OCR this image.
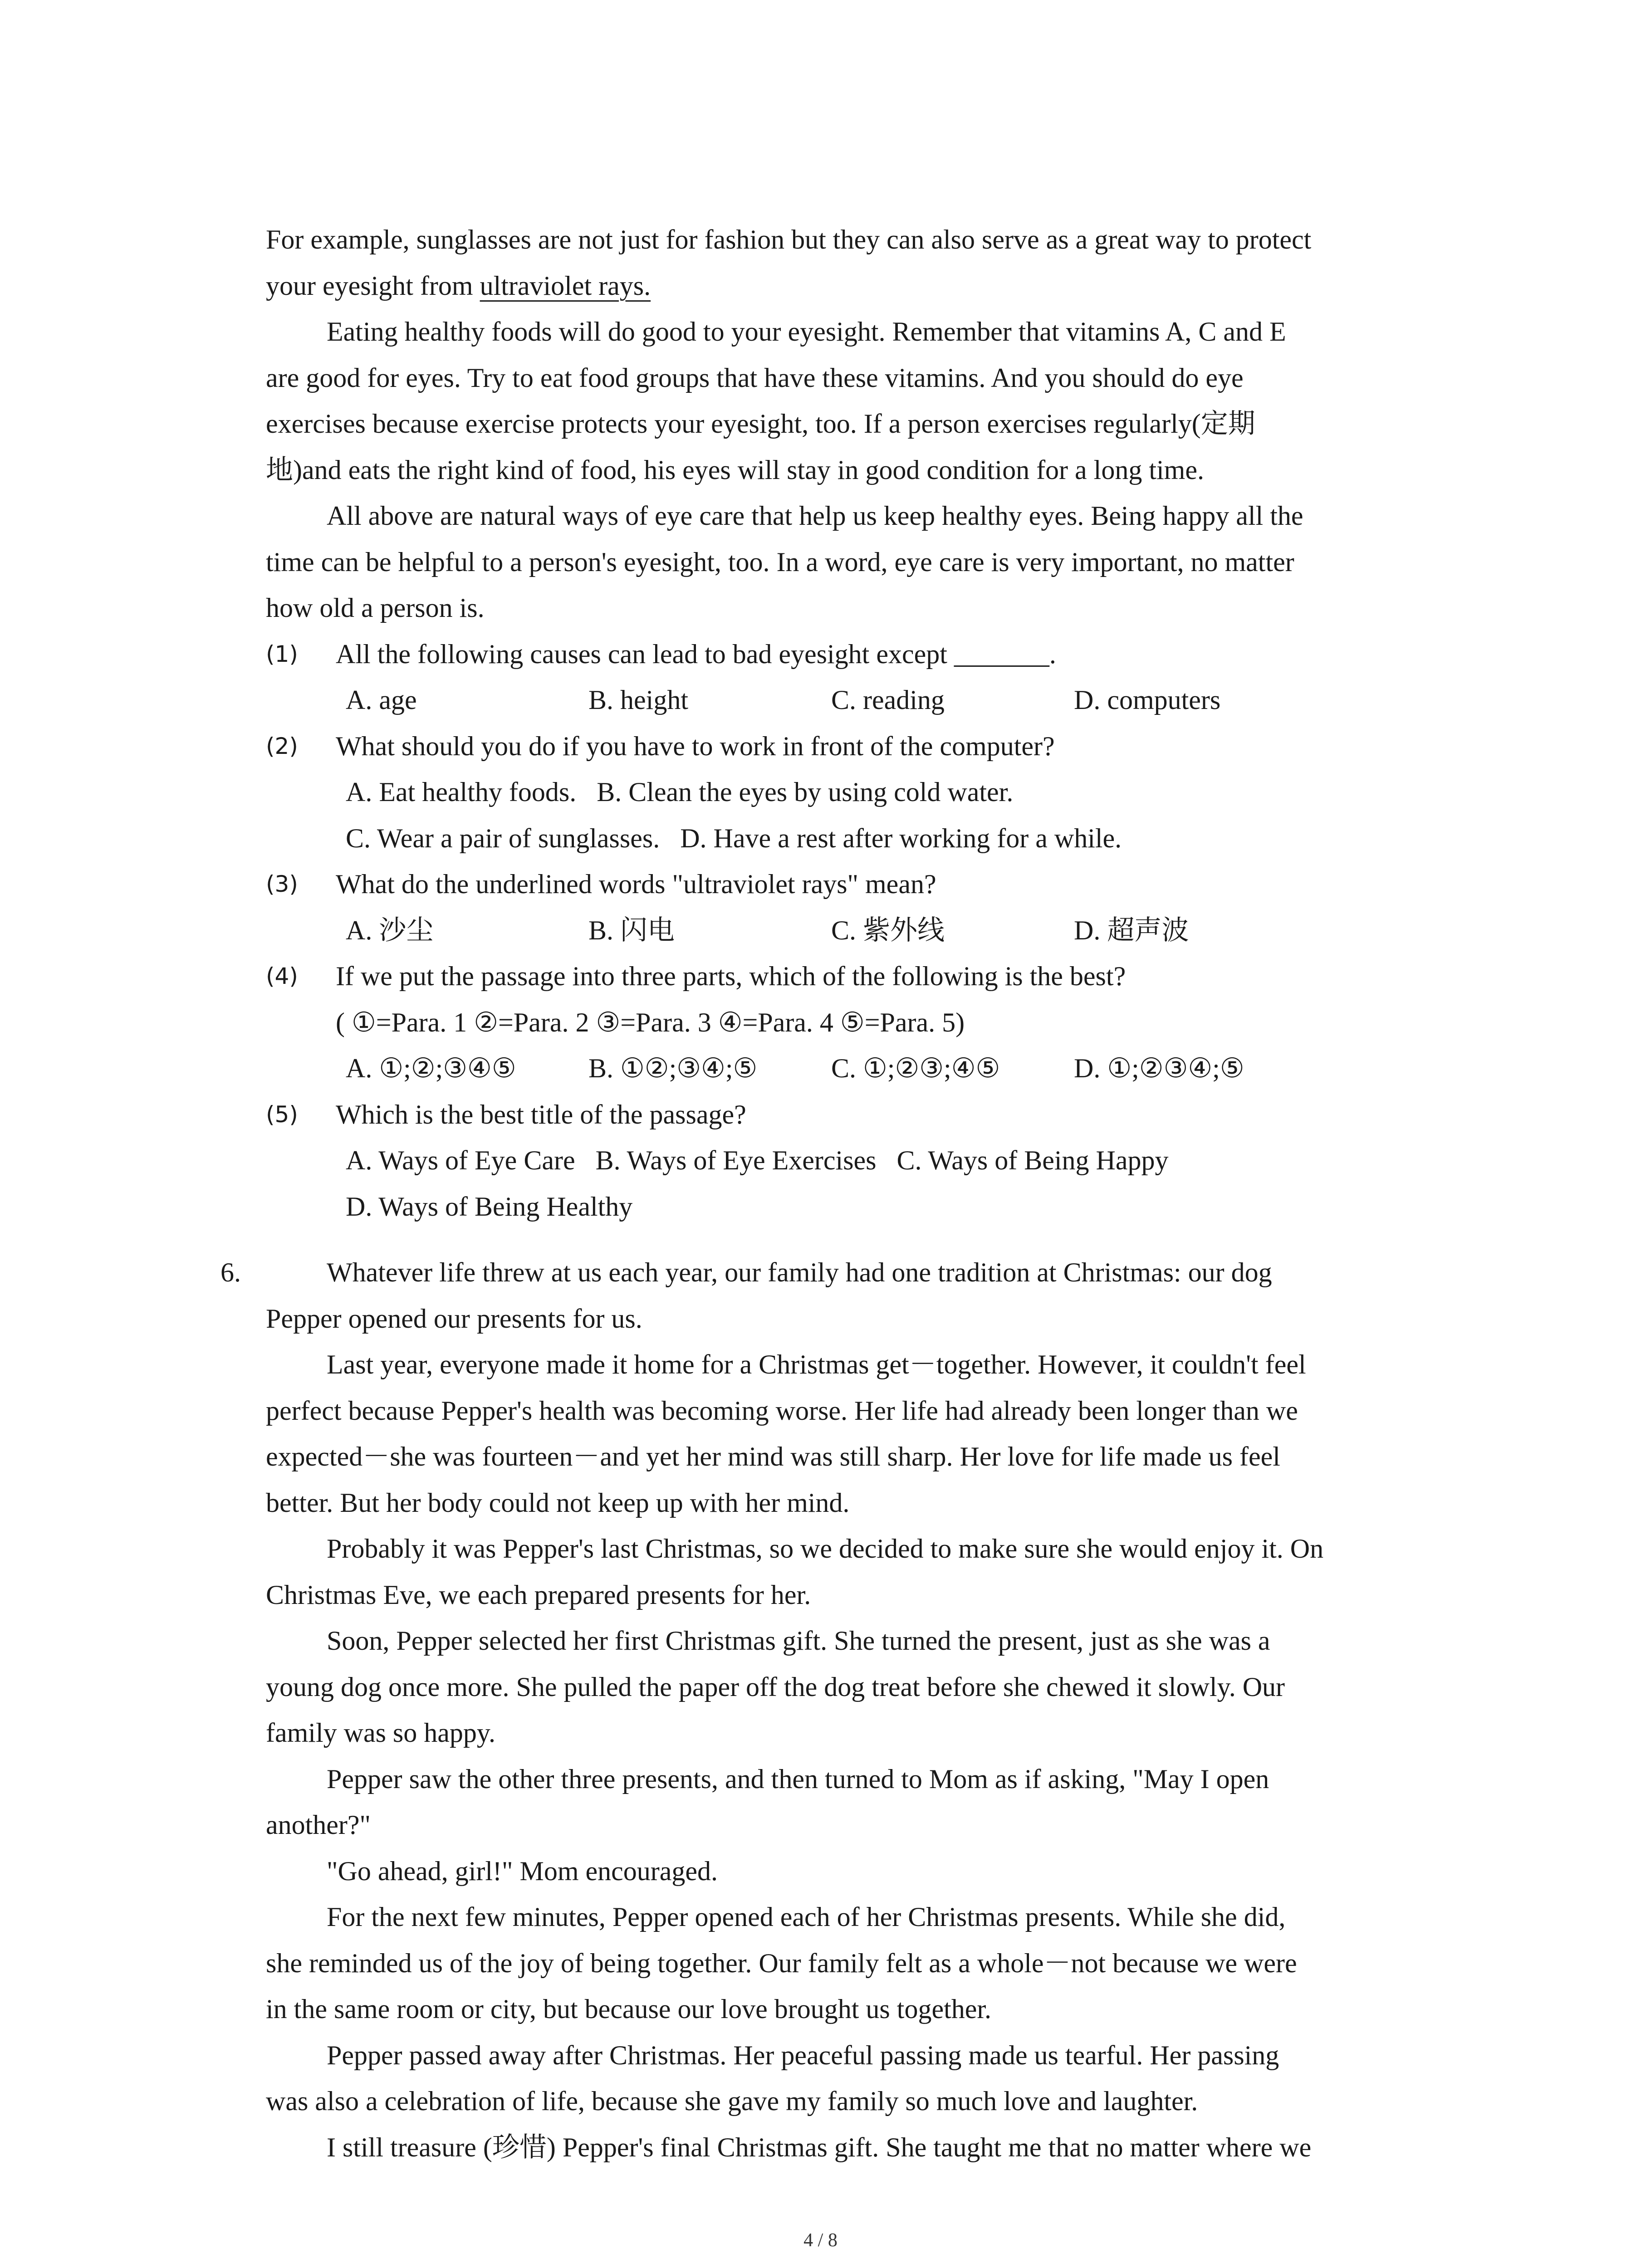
For example, sunglasses are not just for fashion but they can also serve as a great way to protect
your eyesight from ultraviolet rays.
Eating healthy foods will do good to your eyesight. Remember that vitamins A, C and E
are good for eyes. Try to eat food groups that have these vitamins. And you should do eye
exercises because exercise protects your eyesight, too. If a person exercises regularly(定期
地)and eats the right kind of food, his eyes will stay in good condition for a long time.
All above are natural ways of eye care that help us keep healthy eyes. Being happy all the
time can be helpful to a person's eyesight, too. In a word, eye care is very important, no matter
how old a person is.
(1) All the following causes can lead to bad eyesight except _______.
A. age	B. height	C. reading	D. computers
(2) What should you do if you have to work in front of the computer?
A. Eat healthy foods.   B. Clean the eyes by using cold water.
C. Wear a pair of sunglasses.   D. Have a rest after working for a while.
(3) What do the underlined words "ultraviolet rays" mean?
A. 沙尘	B. 闪电	C. 紫外线	D. 超声波
(4) If we put the passage into three parts, which of the following is the best?
( ①=Para. 1 ②=Para. 2 ③=Para. 3 ④=Para. 4 ⑤=Para. 5)
A. ①;②;③④⑤	B. ①②;③④;⑤	C. ①;②③;④⑤	D. ①;②③④;⑤
(5) Which is the best title of the passage?
A. Ways of Eye Care   B. Ways of Eye Exercises   C. Ways of Being Happy
D. Ways of Being Healthy
6.	Whatever life threw at us each year, our family had one tradition at Christmas: our dog
Pepper opened our presents for us.
Last year, everyone made it home for a Christmas get－together. However, it couldn't feel
perfect because Pepper's health was becoming worse. Her life had already been longer than we
expected－she was fourteen－and yet her mind was still sharp. Her love for life made us feel
better. But her body could not keep up with her mind.
Probably it was Pepper's last Christmas, so we decided to make sure she would enjoy it. On
Christmas Eve, we each prepared presents for her.
Soon, Pepper selected her first Christmas gift. She turned the present, just as she was a
young dog once more. She pulled the paper off the dog treat before she chewed it slowly. Our
family was so happy.
Pepper saw the other three presents, and then turned to Mom as if asking, "May I open
another?"
"Go ahead, girl!" Mom encouraged.
For the next few minutes, Pepper opened each of her Christmas presents. While she did,
she reminded us of the joy of being together. Our family felt as a whole－not because we were
in the same room or city, but because our love brought us together.
Pepper passed away after Christmas. Her peaceful passing made us tearful. Her passing
was also a celebration of life, because she gave my family so much love and laughter.
I still treasure (珍惜) Pepper's final Christmas gift. She taught me that no matter where we
4 / 8
